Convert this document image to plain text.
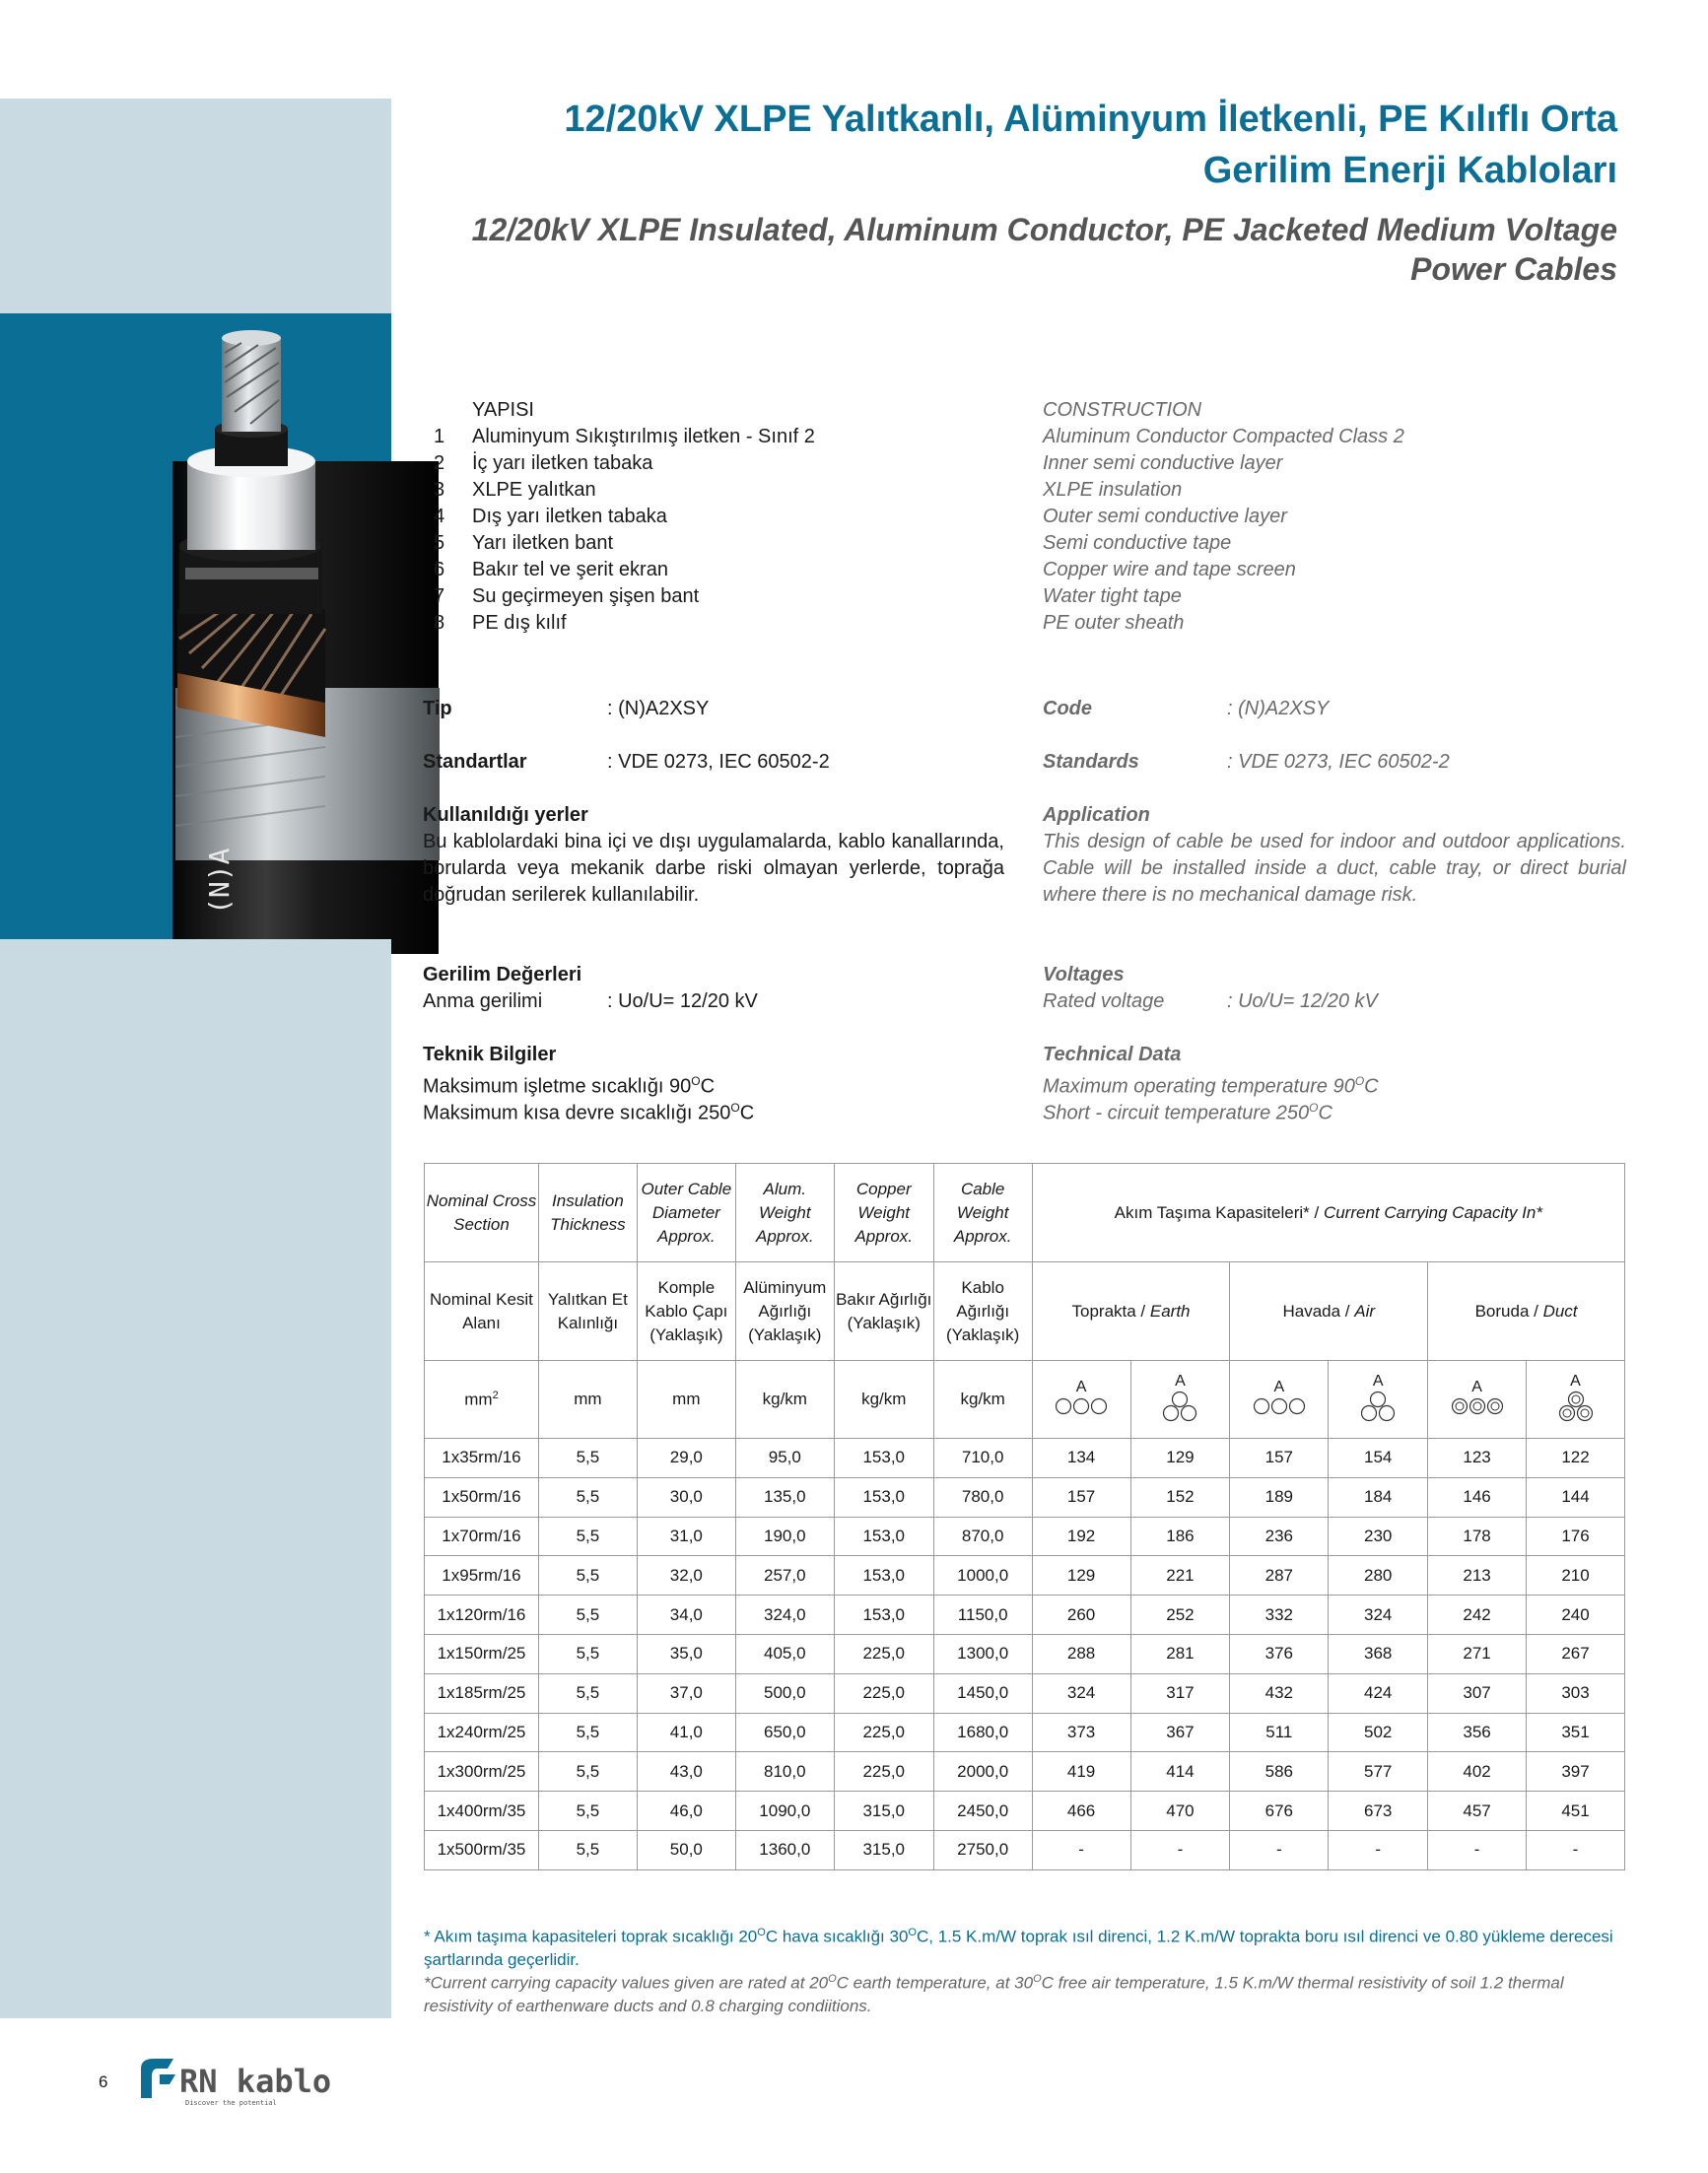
(N)A
12/20kV XLPE Yalıtkanlı, Alüminyum İletkenli, PE Kılıflı Orta
Gerilim Enerji Kabloları
12/20kV XLPE Insulated, Aluminum Conductor, PE Jacketed Medium Voltage
Power Cables
YAPISI
1 Aluminyum Sıkıştırılmış iletken - Sınıf 2
2 İç yarı iletken tabaka
3 XLPE yalıtkan
4 Dış yarı iletken tabaka
5 Yarı iletken bant
6 Bakır tel ve şerit ekran
7 Su geçirmeyen şişen bant
8 PE dış kılıf
CONSTRUCTION
Aluminum Conductor Compacted Class 2
Inner semi conductive layer
XLPE insulation
Outer semi conductive layer
Semi conductive tape
Copper wire and tape screen
Water tight tape
PE outer sheath
Tip	: (N)A2XSY	Code	: (N)A2XSY
Standartlar	: VDE 0273, IEC 60502-2	Standards	: VDE 0273, IEC 60502-2
Kullanıldığı yerler
Bu kablolardaki bina içi ve dışı uygulamalarda, kablo kanallarında, borularda veya mekanik darbe riski olmayan yerlerde, toprağa doğrudan serilerek kullanılabilir.
Application
This design of cable be used for indoor and outdoor applications. Cable will be installed inside a duct, cable tray, or direct burial where there is no mechanical damage risk.
Gerilim Değerleri
Anma gerilimi	: Uo/U= 12/20 kV
Voltages
Rated voltage	: Uo/U= 12/20 kV
Teknik Bilgiler
Maksimum işletme sıcaklığı $90^OC$
Maksimum kısa devre sıcaklığı $250^OC$
Technical Data
Maximum operating temperature $90^OC$
Short - circuit temperature $250^OC$
Nominal Cross Section	Insulation Thickness	Outer Cable Diameter Approx.	Alum. Weight Approx.	Copper Weight Approx.	Cable Weight Approx.	Akım Taşıma Kapasiteleri* / Current Carrying Capacity In*					
Nominal Kesit Alanı	Yalıtkan Et Kalınlığı	Komple Kablo Çapı (Yaklaşık)	Alüminyum Ağırlığı (Yaklaşık)	Bakır Ağırlığı (Yaklaşık)	Kablo Ağırlığı (Yaklaşık)	Toprakta / Earth		Havada / Air		Boruda / Duct	
$mm^2$	mm	mm	kg/km	kg/km	kg/km	A	A	A	A	A	A

1x35rm/16	5,5	29,0	95,0	153,0	710,0	134	129	157	154	123	122
1x50rm/16	5,5	30,0	135,0	153,0	780,0	157	152	189	184	146	144
1x70rm/16	5,5	31,0	190,0	153,0	870,0	192	186	236	230	178	176
1x95rm/16	5,5	32,0	257,0	153,0	1000,0	129	221	287	280	213	210
1x120rm/16	5,5	34,0	324,0	153,0	1150,0	260	252	332	324	242	240
1x150rm/25	5,5	35,0	405,0	225,0	1300,0	288	281	376	368	271	267
1x185rm/25	5,5	37,0	500,0	225,0	1450,0	324	317	432	424	307	303
1x240rm/25	5,5	41,0	650,0	225,0	1680,0	373	367	511	502	356	351
1x300rm/25	5,5	43,0	810,0	225,0	2000,0	419	414	586	577	402	397
1x400rm/35	5,5	46,0	1090,0	315,0	2450,0	466	470	676	673	457	451
1x500rm/35	5,5	50,0	1360,0	315,0	2750,0	-	-	-	-	-	-
* Akım taşıma kapasiteleri toprak sıcaklığı $20^OC$ hava sıcaklığı $30^OC$, 1.5 K.m/W toprak ısıl direnci, 1.2 K.m/W toprakta boru ısıl direnci ve 0.80 yükleme derecesi şartlarında geçerlidir.
*Current carrying capacity values given are rated at $20^OC$ earth temperature, at $30^OC$ free air temperature, 1.5 K.m/W thermal resistivity of soil 1.2 thermal resistivity of earthenware ducts and 0.8 charging condiitions.
6 RN kablo
Discover the potential
